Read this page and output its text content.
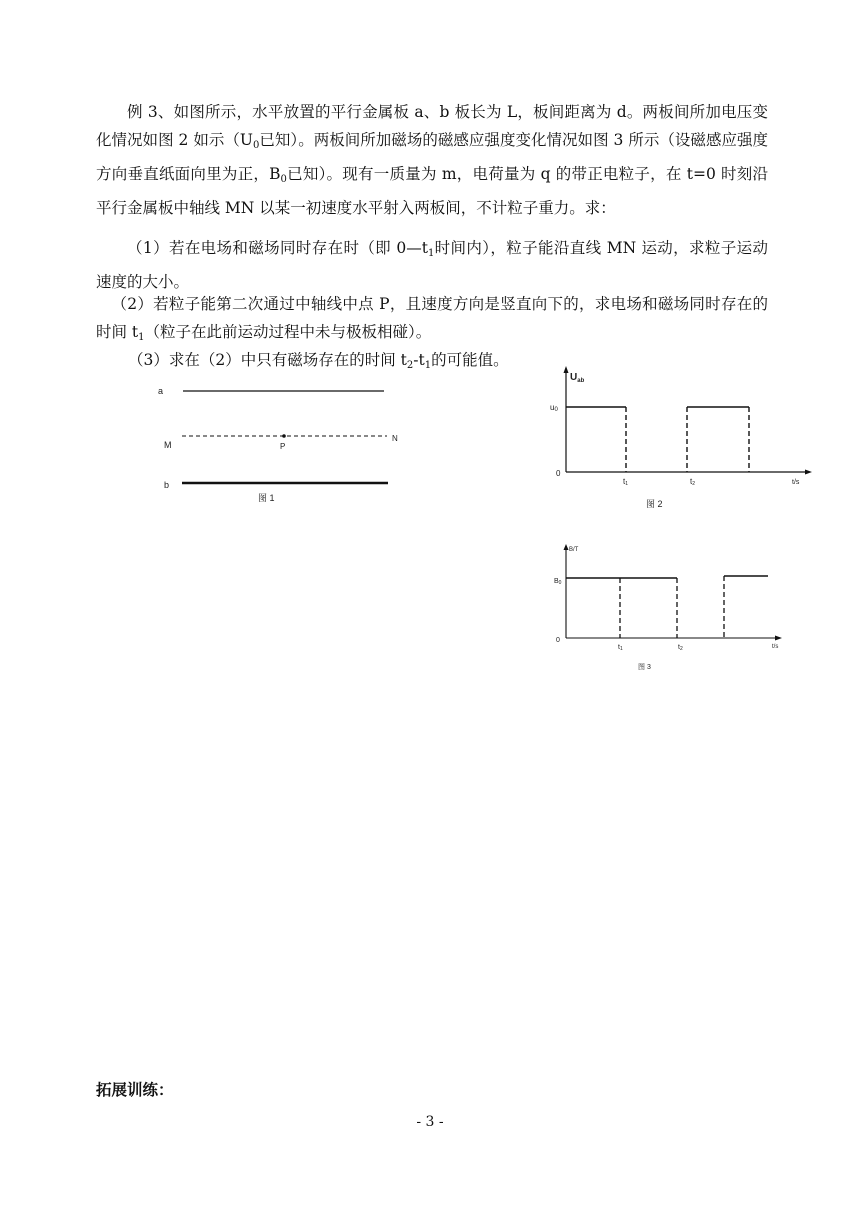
例 3、如图所示，水平放置的平行金属板 a、b 板长为 L，板间距离为 d。两板间所加电压变化情况如图 2 如示（$U_0$已知）。两板间所加磁场的磁感应强度变化情况如图 3 所示（设磁感应强度方向垂直纸面向里为正，$B_0$已知）。现有一质量为 m，电荷量为 q 的带正电粒子，在 t=0 时刻沿平行金属板中轴线 MN 以某一初速度水平射入两板间，不计粒子重力。求：

（1）若在电场和磁场同时存在时（即 $0—t_1$时间内），粒子能沿直线 MN 运动，求粒子运动速度的大小。

（2）若粒子能第二次通过中轴线中点 P，且速度方向是竖直向下的，求电场和磁场同时存在的时间 $t_1$（粒子在此前运动过程中未与极板相碰）。

（3）求在（2）中只有磁场存在的时间 $t_2-t_1$的可能值。

a
M	P
N
b
图 1
$U_{ab}$
u0
0
t1	t2	t/s
图 2
B/T
B0
0
t1	t2	t/s
图 3
拓展训练：
- 3 -
